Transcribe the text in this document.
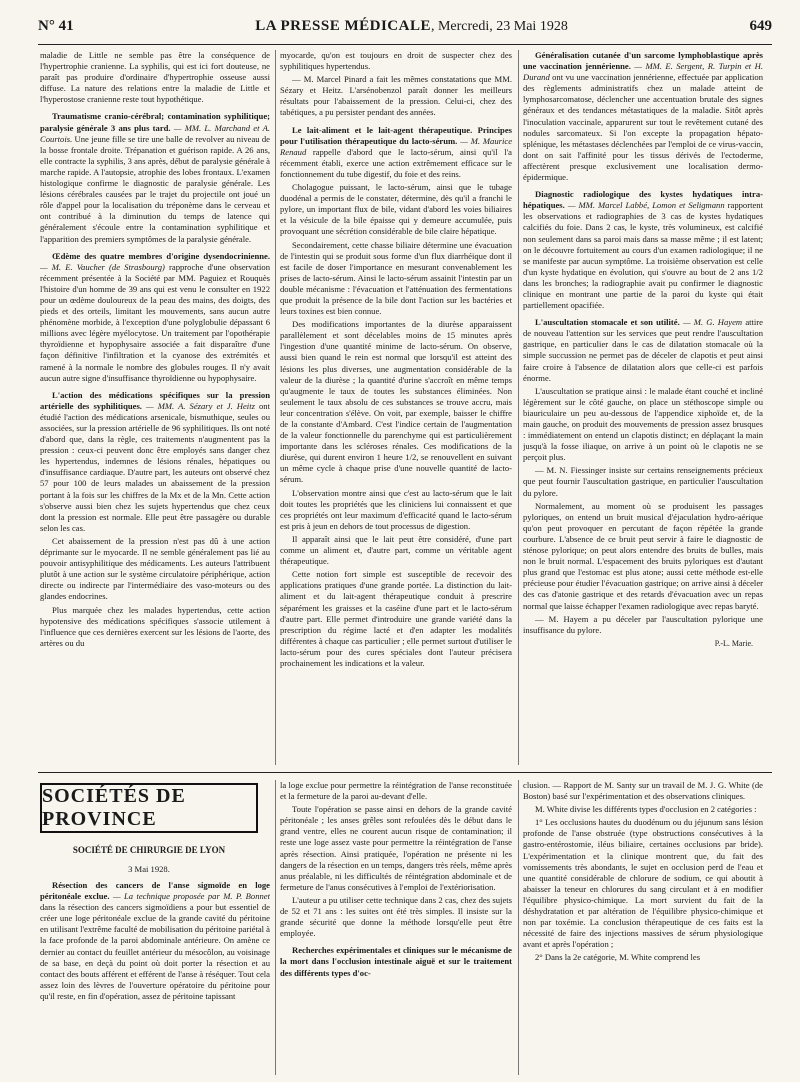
N° 41	LA PRESSE MÉDICALE, Mercredi, 23 Mai 1928	649

maladie de Little ne semble pas être la conséquence de l'hypertrophie cranienne. La syphilis, qui est ici fort douteuse, ne paraît pas produire d'ordinaire d'hypertrophie osseuse aussi diffuse. La nature des relations entre la maladie de Little et l'hyperostose cranienne reste tout hypothétique.

Traumatisme cranio-cérébral; contamination syphilitique; paralysie générale 3 ans plus tard. — MM. L. Marchand et A. Courtois. Une jeune fille se tire une balle de revolver au niveau de la bosse frontale droite. Trépanation et guérison rapide. A 26 ans, elle contracte la syphilis, 3 ans après, début de paralysie générale à marche rapide. A l'autopsie, atrophie des lobes frontaux. L'examen histologique confirme le diagnostic de paralysie générale. Les lésions cérébrales causées par le trajet du projectile ont joué un rôle d'appel pour la localisation du tréponème dans le cerveau et ont contribué à la diminution du temps de latence qui généralement s'écoule entre la contamination syphilitique et l'apparition des premiers symptômes de la paralysie générale.

Œdème des quatre membres d'origine dysendocrinienne. — M. E. Vaucher (de Strasbourg) rapproche d'une observation récemment présentée à la Société par MM. Paguiez et Rouquès l'histoire d'un homme de 39 ans qui est venu le consulter en 1922 pour un œdème douloureux de la peau des mains, des doigts, des pieds et des orteils, limitant les mouvements, sans aucun autre phénomène morbide, à l'exception d'une polyglobulie dépassant 6 millions avec légère myélocytose. Un traitement par l'opothérapie thyroïdienne et hypophysaire associée a fait disparaître d'une façon définitive l'infiltration et la cyanose des extrémités et ramené à la normale le nombre des globules rouges. Il n'y avait aucun autre signe d'insuffisance thyroïdienne ou hypophysaire.

L'action des médications spécifiques sur la pression artérielle des syphilitiques. — MM. A. Sézary et J. Heitz ont étudié l'action des médications arsenicale, bismuthique, seules ou associées, sur la pression artérielle de 96 syphilitiques. Ils ont noté d'abord que, dans la règle, ces traitements n'augmentent pas la pression : ceux-ci peuvent donc être employés sans danger chez les hypertendus, indemnes de lésions rénales, hépatiques ou d'insuffisance cardiaque. D'autre part, les auteurs ont observé chez 57 pour 100 de leurs malades un abaissement de la pression portant à la fois sur les chiffres de la Mx et de la Mn. Cette action s'observe aussi bien chez les sujets hypertendus que chez ceux dont la pression est normale. Elle peut être passagère ou durable selon les cas.

Cet abaissement de la pression n'est pas dû à une action déprimante sur le myocarde. Il ne semble généralement pas lié au pouvoir antisyphilitique des médicaments. Les auteurs l'attribuent plutôt à une action sur le système circulatoire périphérique, action directe ou indirecte par l'intermédiaire des vaso-moteurs ou des glandes endocrines.

Plus marquée chez les malades hypertendus, cette action hypotensive des médications spécifiques s'associe utilement à l'influence que ces dernières exercent sur les lésions de l'aorte, des artères ou du

myocarde, qu'on est toujours en droit de suspecter chez des syphilitiques hypertendus.

— M. Marcel Pinard a fait les mêmes constatations que MM. Sézary et Heitz. L'arsénobenzol paraît donner les meilleurs résultats pour l'abaissement de la pression. Celui-ci, chez des tabétiques, a pu persister pendant des années.

Le lait-aliment et le lait-agent thérapeutique. Principes pour l'utilisation thérapeutique du lacto-sérum. — M. Maurice Renaud rappelle d'abord que le lacto-sérum, ainsi qu'il l'a récemment établi, exerce une action extrêmement efficace sur le fonctionnement du tube digestif, du foie et des reins.

Cholagogue puissant, le lacto-sérum, ainsi que le tubage duodénal a permis de le constater, détermine, dès qu'il a franchi le pylore, un important flux de bile, vidant d'abord les voies biliaires et la vésicule de la bile épaisse qui y demeure accumulée, puis provoquant une sécrétion considérable de bile claire hépatique.

Secondairement, cette chasse biliaire détermine une évacuation de l'intestin qui se produit sous forme d'un flux diarrhéique dont il est facile de doser l'importance en mesurant convenablement les prises de lacto-sérum. Ainsi le lacto-sérum assainit l'intestin par un double mécanisme : l'évacuation et l'atténuation des fermentations que produit la présence de la bile dont l'action sur les bactéries et leurs toxines est bien connue.

Des modifications importantes de la diurèse apparaissent parallèlement et sont décelables moins de 15 minutes après l'ingestion d'une quantité minime de lacto-sérum. On observe, aussi bien quand le rein est normal que lorsqu'il est atteint des lésions les plus diverses, une augmentation considérable de la valeur de la diurèse ; la quantité d'urine s'accroît en même temps qu'augmente le taux de toutes les substances éliminées. Non seulement le taux absolu de ces substances se trouve accru, mais leur concentration s'élève. On voit, par exemple, baisser le chiffre de la constante d'Ambard. C'est l'indice certain de l'augmentation de la valeur fonctionnelle du parenchyme qui est particulièrement importante dans les scléroses rénales. Ces modifications de la diurèse, qui durent environ 1 heure 1/2, se renouvellent en suivant un même cycle à chaque prise d'une nouvelle quantité de lacto-sérum.

L'observation montre ainsi que c'est au lacto-sérum que le lait doit toutes les propriétés que les cliniciens lui connaissent et que ces propriétés ont leur maximum d'efficacité quand le lacto-sérum est pris à jeun en dehors de tout processus de digestion.

Il apparaît ainsi que le lait peut être considéré, d'une part comme un aliment et, d'autre part, comme un véritable agent thérapeutique.

Cette notion fort simple est susceptible de recevoir des applications pratiques d'une grande portée. La distinction du lait-aliment et du lait-agent thérapeutique conduit à prescrire séparément les graisses et la caséine d'une part et le lacto-sérum d'autre part. Elle permet d'introduire une grande variété dans la prescription du régime lacté et d'en adapter les modalités différentes à chaque cas particulier ; elle permet surtout d'utiliser le lacto-sérum pour des cures spéciales dont l'auteur précisera prochainement les indications et la valeur.

Généralisation cutanée d'un sarcome lymphoblastique après une vaccination jennérienne. — MM. E. Sergent, R. Turpin et H. Durand ont vu une vaccination jennérienne, effectuée par application des règlements administratifs chez un malade atteint de lymphosarcomatose, déclencher une accentuation brutale des signes généraux et des tendances métastatiques de la maladie. Sitôt après l'inoculation vaccinale, apparurent sur tout le revêtement cutané des nodules sarcomateux. Si l'on excepte la propagation hépato-splénique, les métastases déclenchées par l'emploi de ce virus-vaccin, dont on sait l'affinité pour les tissus dérivés de l'ectoderme, affectèrent presque exclusivement une localisation dermo-épidermique.

Diagnostic radiologique des kystes hydatiques intra-hépatiques. — MM. Marcel Labbé, Lomon et Seligmann rapportent les observations et radiographies de 3 cas de kystes hydatiques calcifiés du foie. Dans 2 cas, le kyste, très volumineux, est calcifié non seulement dans sa paroi mais dans sa masse même ; il est latent; on le découvre fortuitement au cours d'un examen radiologique; il ne se manifeste par aucun symptôme. La troisième observation est celle d'un kyste hydatique en évolution, qui s'ouvre au bout de 2 ans 1/2 dans les bronches; la radiographie avait pu confirmer le diagnostic clinique en montrant une partie de la paroi du kyste qui était partiellement opacifiée.

L'auscultation stomacale et son utilité. — M. G. Hayem attire de nouveau l'attention sur les services que peut rendre l'auscultation gastrique, en particulier dans le cas de dilatation stomacale où la simple succussion ne permet pas de déceler de clapotis et peut ainsi faire croire à l'absence de dilatation alors que celle-ci est parfois énorme.

L'auscultation se pratique ainsi : le malade étant couché et incliné légèrement sur le côté gauche, on place un stéthoscope simple ou biauriculaire un peu au-dessous de l'appendice xiphoïde et, de la main gauche, on produit des mouvements de pression assez brusques : immédiatement on entend un clapotis distinct; en déplaçant la main jusqu'à la fosse iliaque, on arrive à un point où le clapotis ne se perçoit plus.

— M. N. Fiessinger insiste sur certains renseignements précieux que peut fournir l'auscultation gastrique, en particulier l'auscultation du pylore.

Normalement, au moment où se produisent les passages pyloriques, on entend un bruit musical d'éjaculation hydro-aérique qu'on peut provoquer en percutant de façon répétée la grande courbure. L'absence de ce bruit peut servir à faire le diagnostic de sténose pylorique; on peut alors entendre des bruits de bulles, mais non le bruit normal. L'espacement des bruits pyloriques est d'autant plus grand que l'estomac est plus atone; aussi cette méthode est-elle précieuse pour étudier l'évacuation gastrique; on arrive ainsi à déceler des cas d'atonie gastrique et des retards d'évacuation avec un repas normal que laisse échapper l'examen radiologique avec repas baryté.

— M. Hayem a pu déceler par l'auscultation pylorique une insuffisance du pylore.

P.-L. Marie.
SOCIÉTÉS DE PROVINCE
SOCIÉTÉ DE CHIRURGIE DE LYON
3 Mai 1928.

Résection des cancers de l'anse sigmoïde en loge péritonéale exclue. — La technique proposée par M. P. Bonnet dans la résection des cancers sigmoïdiens a pour but essentiel de créer une loge péritonéale exclue de la grande cavité du péritoine en utilisant l'extrême faculté de mobilisation du péritoine pariétal à la face profonde de la paroi abdominale antérieure. On amène ce dernier au contact du feuillet antérieur du mésocôlon, au voisinage de sa base, en deçà du point où doit porter la résection et au contact des bouts afférent et efférent de l'anse à réséquer. Tout cela assez loin des lèvres de l'ouverture opératoire du péritoine pour qu'il reste, en fin d'opération, assez de péritoine tapissant

la loge exclue pour permettre la réintégration de l'anse reconstituée et la fermeture de la paroi au-devant d'elle.

Toute l'opération se passe ainsi en dehors de la grande cavité péritonéale ; les anses grêles sont refoulées dès le début dans le grand ventre, elles ne courent aucun risque de contamination; il reste une loge assez vaste pour permettre la réintégration de l'anse après résection. Ainsi pratiquée, l'opération ne présente ni les dangers de la résection en un temps, dangers très réels, même après anus préalable, ni les difficultés de réintégration abdominale et de fermeture de l'anus consécutives à l'emploi de l'extériorisation.

L'auteur a pu utiliser cette technique dans 2 cas, chez des sujets de 52 et 71 ans : les suites ont été très simples. Il insiste sur la grande sécurité que donne la méthode lorsqu'elle peut être employée.

Recherches expérimentales et cliniques sur le mécanisme de la mort dans l'occlusion intestinale aiguë et sur le traitement des différents types d'oc-

clusion. — Rapport de M. Santy sur un travail de M. J. G. White (de Boston) basé sur l'expérimentation et des observations cliniques.

M. White divise les différents types d'occlusion en 2 catégories :

1° Les occlusions hautes du duodénum ou du jéjunum sans lésion profonde de l'anse obstruée (type obstructions consécutives à la gastro-entérostomie, iléus biliaire, certaines occlusions par bride). L'expérimentation et la clinique montrent que, du fait des vomissements très abondants, le sujet en occlusion perd de l'eau et une quantité considérable de chlorure de sodium, ce qui aboutit à abaisser la teneur en chlorures du sang circulant et à en modifier l'équilibre physico-chimique. La mort survient du fait de la déshydratation et par altération de l'équilibre physico-chimique et non par toxémie. La conclusion thérapeutique de ces faits est la nécessité de faire des injections massives de sérum physiologique avant et après l'opération ;

2° Dans la 2e catégorie, M. White comprend les
